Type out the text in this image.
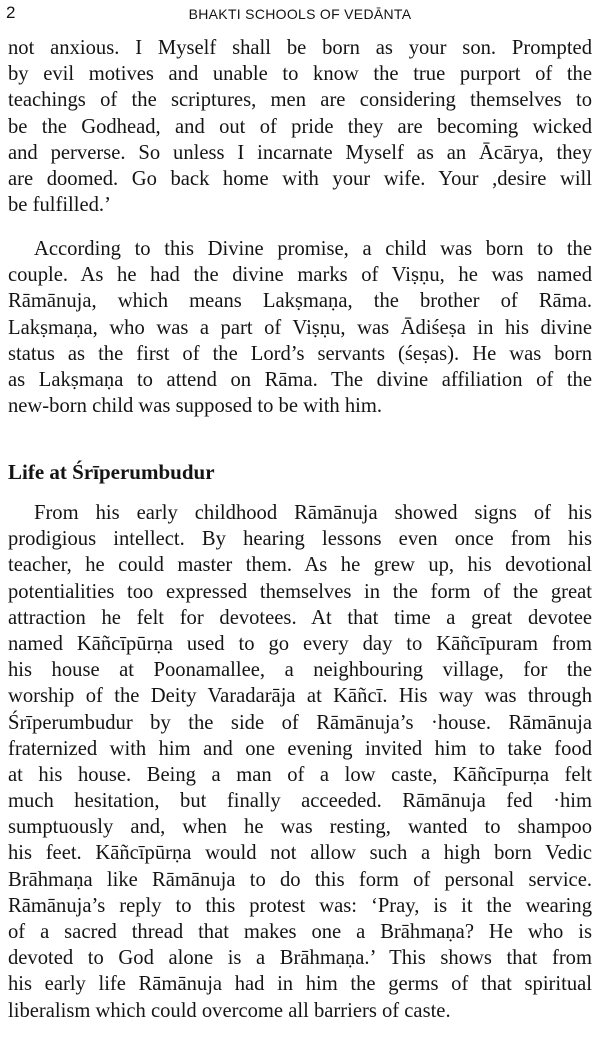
2	BHAKTI SCHOOLS OF VEDĀNTA
not anxious. I Myself shall be born as your son. Prompted
by evil motives and unable to know the true purport of the
teachings of the scriptures, men are considering themselves to
be the Godhead, and out of pride they are becoming wicked
and perverse. So unless I incarnate Myself as an Ācārya, they
are doomed. Go back home with your wife. Your ,desire will
be fulfilled.’
According to this Divine promise, a child was born to the
couple. As he had the divine marks of Viṣṇu, he was named
Rāmānuja, which means Lakṣmaṇa, the brother of Rāma.
Lakṣmaṇa, who was a part of Viṣṇu, was Ādiśeṣa in his divine
status as the first of the Lord’s servants (śeṣas). He was born
as Lakṣmaṇa to attend on Rāma. The divine affiliation of the
new-born child was supposed to be with him.
Life at Śrīperumbudur
From his early childhood Rāmānuja showed signs of his
prodigious intellect. By hearing lessons even once from his
teacher, he could master them. As he grew up, his devotional
potentialities too expressed themselves in the form of the great
attraction he felt for devotees. At that time a great devotee
named Kāñcīpūrṇa used to go every day to Kāñcīpuram from
his house at Poonamallee, a neighbouring village, for the
worship of the Deity Varadarāja at Kāñcī. His way was through
Śrīperumbudur by the side of Rāmānuja’s ·house. Rāmānuja
fraternized with him and one evening invited him to take food
at his house. Being a man of a low caste, Kāñcīpurṇa felt
much hesitation, but finally acceeded. Rāmānuja fed ·him
sumptuously and, when he was resting, wanted to shampoo
his feet. Kāñcīpūrṇa would not allow such a high born Vedic
Brāhmaṇa like Rāmānuja to do this form of personal service.
Rāmānuja’s reply to this protest was: ‘Pray, is it the wearing
of a sacred thread that makes one a Brāhmaṇa? He who is
devoted to God alone is a Brāhmaṇa.’ This shows that from
his early life Rāmānuja had in him the germs of that spiritual
liberalism which could overcome all barriers of caste.
